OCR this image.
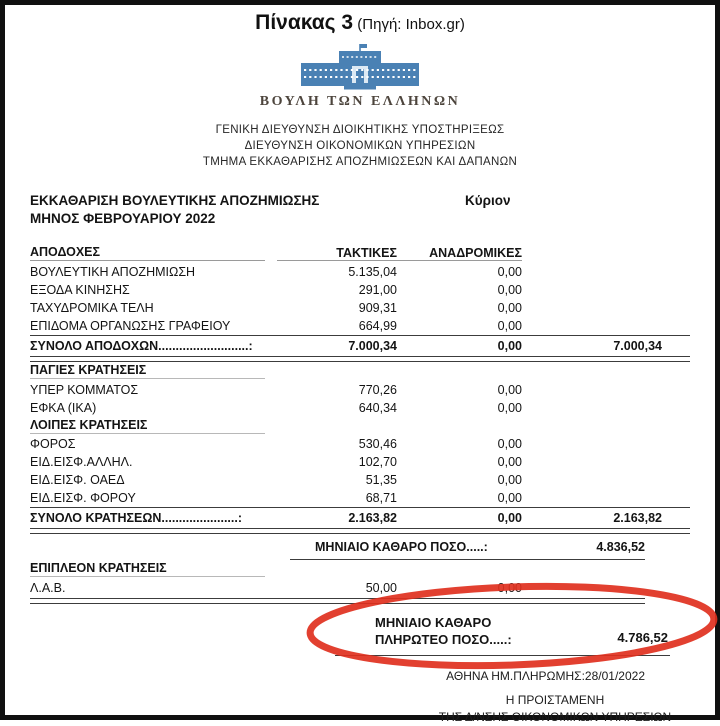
Πίνακας 3 (Πηγή: Inbox.gr)
ΒΟΥΛΗ ΤΩΝ ΕΛΛΗΝΩΝ
ΓΕΝΙΚΗ ΔΙΕΥΘΥΝΣΗ ΔΙΟΙΚΗΤΙΚΗΣ ΥΠΟΣΤΗΡΙΞΕΩΣ
ΔΙΕΥΘΥΝΣΗ ΟΙΚΟΝΟΜΙΚΩΝ ΥΠΗΡΕΣΙΩΝ
ΤΜΗΜΑ ΕΚΚΑΘΑΡΙΣΗΣ ΑΠΟΖΗΜΙΩΣΕΩΝ ΚΑΙ ΔΑΠΑΝΩΝ
ΕΚΚΑΘΑΡΙΣΗ ΒΟΥΛΕΥΤΙΚΗΣ ΑΠΟΖΗΜΙΩΣΗΣ
ΜΗΝΟΣ ΦΕΒΡΟΥΑΡΙΟΥ 2022
Κύριον
ΑΠΟΔΟΧΕΣ	ΤΑΚΤΙΚΕΣ	ΑΝΑΔΡΟΜΙΚΕΣ
ΒΟΥΛΕΥΤΙΚΗ ΑΠΟΖΗΜΙΩΣΗ	5.135,04	0,00
ΕΞΟΔΑ ΚΙΝΗΣΗΣ	291,00	0,00
ΤΑΧΥΔΡΟΜΙΚΑ ΤΕΛΗ	909,31	0,00
ΕΠΙΔΟΜΑ ΟΡΓΑΝΩΣΗΣ ΓΡΑΦΕΙΟΥ	664,99	0,00
ΣΥΝΟΛΟ ΑΠΟΔΟΧΩΝ..........................:	7.000,34	0,00	7.000,34
ΠΑΓΙΕΣ ΚΡΑΤΗΣΕΙΣ
ΥΠΕΡ ΚΟΜΜΑΤΟΣ	770,26	0,00
ΕΦΚΑ (ΙΚΑ)	640,34	0,00
ΛΟΙΠΕΣ ΚΡΑΤΗΣΕΙΣ
ΦΟΡΟΣ	530,46	0,00
ΕΙΔ.ΕΙΣΦ.ΑΛΛΗΛ.	102,70	0,00
ΕΙΔ.ΕΙΣΦ. ΟΑΕΔ	51,35	0,00
ΕΙΔ.ΕΙΣΦ. ΦΟΡΟΥ	68,71	0,00
ΣΥΝΟΛΟ ΚΡΑΤΗΣΕΩΝ......................:	2.163,82	0,00	2.163,82
ΜΗΝΙΑΙΟ ΚΑΘΑΡΟ ΠΟΣΟ.....:	4.836,52
ΕΠΙΠΛΕΟΝ ΚΡΑΤΗΣΕΙΣ
Λ.Α.Β.	50,00	0,00
ΜΗΝΙΑΙΟ ΚΑΘΑΡΟ
ΠΛΗΡΩΤΕΟ ΠΟΣΟ.....:	4.786,52
ΑΘΗΝΑ ΗΜ.ΠΛΗΡΩΜΗΣ:28/01/2022
Η ΠΡΟΙΣΤΑΜΕΝΗ
ΤΗΣ Δ/ΝΣΗΣ ΟΙΚΟΝΟΜΙΚΩΝ ΥΠΗΡΕΣΙΩΝ
